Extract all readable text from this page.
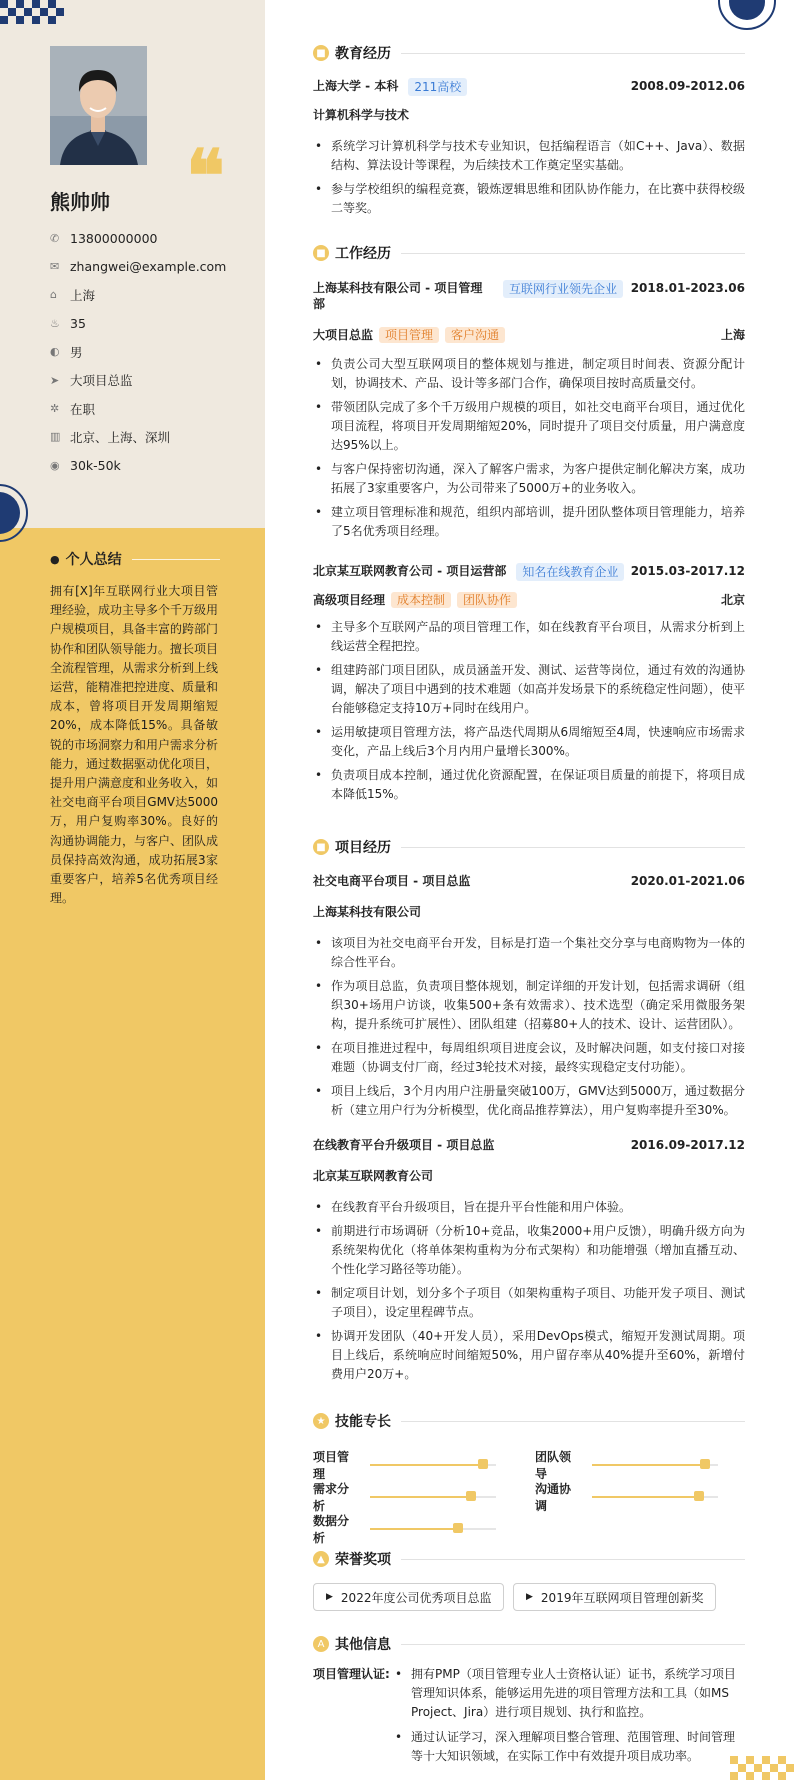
❝
熊帅帅
✆ 13800000000
✉ zhangwei@example.com
⌂	上海
♨ 35
◐ 男
➤ 大项目总监
✲ 在职
▥ 北京、上海、深圳
◉ 30k-50k
● 个人总结
拥有[X]年互联网行业大项目管理经验，成功主导多个千万级用户规模项目，具备丰富的跨部门协作和团队领导能力。擅长项目全流程管理，从需求分析到上线运营，能精准把控进度、质量和成本，曾将项目开发周期缩短20%，成本降低15%。具备敏锐的市场洞察力和用户需求分析能力，通过数据驱动优化项目，提升用户满意度和业务收入，如社交电商平台项目GMV达5000万，用户复购率30%。良好的沟通协调能力，与客户、团队成员保持高效沟通，成功拓展3家重要客户，培养5名优秀项目经理。
■ 教育经历
上海大学 - 本科	211高校	2008.09-2012.06
计算机科学与技术
• 系统学习计算机科学与技术专业知识，包括编程语言（如C++、Java）、数据结构、算法设计等课程，为后续技术工作奠定坚实基础。
• 参与学校组织的编程竞赛，锻炼逻辑思维和团队协作能力，在比赛中获得校级二等奖。
■ 工作经历
上海某科技有限公司 - 项目管理部
互联网行业领先企业	2018.01-2023.06
大项目总监 项目管理 客户沟通	上海
• 负责公司大型互联网项目的整体规划与推进，制定项目时间表、资源分配计划，协调技术、产品、设计等多部门合作，确保项目按时高质量交付。
• 带领团队完成了多个千万级用户规模的项目，如社交电商平台项目，通过优化项目流程，将项目开发周期缩短20%，同时提升了项目交付质量，用户满意度达95%以上。
• 与客户保持密切沟通，深入了解客户需求，为客户提供定制化解决方案，成功拓展了3家重要客户，为公司带来了5000万+的业务收入。
• 建立项目管理标准和规范，组织内部培训，提升团队整体项目管理能力，培养了5名优秀项目经理。
北京某互联网教育公司 - 项目运营部	知名在线教育企业	2015.03-2017.12
高级项目经理 成本控制 团队协作	北京
• 主导多个互联网产品的项目管理工作，如在线教育平台项目，从需求分析到上线运营全程把控。
• 组建跨部门项目团队，成员涵盖开发、测试、运营等岗位，通过有效的沟通协调，解决了项目中遇到的技术难题（如高并发场景下的系统稳定性问题），使平台能够稳定支持10万+同时在线用户。
• 运用敏捷项目管理方法，将产品迭代周期从6周缩短至4周，快速响应市场需求变化，产品上线后3个月内用户量增长300%。
• 负责项目成本控制，通过优化资源配置，在保证项目质量的前提下，将项目成本降低15%。
■ 项目经历
社交电商平台项目 - 项目总监	2020.01-2021.06
上海某科技有限公司
• 该项目为社交电商平台开发，目标是打造一个集社交分享与电商购物为一体的综合性平台。
• 作为项目总监，负责项目整体规划，制定详细的开发计划，包括需求调研（组织30+场用户访谈，收集500+条有效需求）、技术选型（确定采用微服务架构，提升系统可扩展性）、团队组建（招募80+人的技术、设计、运营团队）。
• 在项目推进过程中，每周组织项目进度会议，及时解决问题，如支付接口对接难题（协调支付厂商，经过3轮技术对接，最终实现稳定支付功能）。
• 项目上线后，3个月内用户注册量突破100万，GMV达到5000万，通过数据分析（建立用户行为分析模型，优化商品推荐算法），用户复购率提升至30%。
在线教育平台升级项目 - 项目总监	2016.09-2017.12
北京某互联网教育公司
• 在线教育平台升级项目，旨在提升平台性能和用户体验。
• 前期进行市场调研（分析10+竞品，收集2000+用户反馈），明确升级方向为系统架构优化（将单体架构重构为分布式架构）和功能增强（增加直播互动、个性化学习路径等功能）。
• 制定项目计划，划分多个子项目（如架构重构子项目、功能开发子项目、测试子项目），设定里程碑节点。
• 协调开发团队（40+开发人员），采用DevOps模式，缩短开发测试周期。项目上线后，系统响应时间缩短50%，用户留存率从40%提升至60%，新增付费用户20万+。
★ 技能专长
项目管理
团队领导
需求分析
沟通协调
数据分析
▲ 荣誉奖项
▶ 2022年度公司优秀项目总监	▶ 2019年互联网项目管理创新奖
A 其他信息
项目管理认证:
•	拥有PMP（项目管理专业人士资格认证）证书，系统学习项目管理知识体系，能够运用先进的项目管理方法和工具（如MS Project、Jira）进行项目规划、执行和监控。
• 通过认证学习，深入理解项目整合管理、范围管理、时间管理等十大知识领域，在实际工作中有效提升项目成功率。
